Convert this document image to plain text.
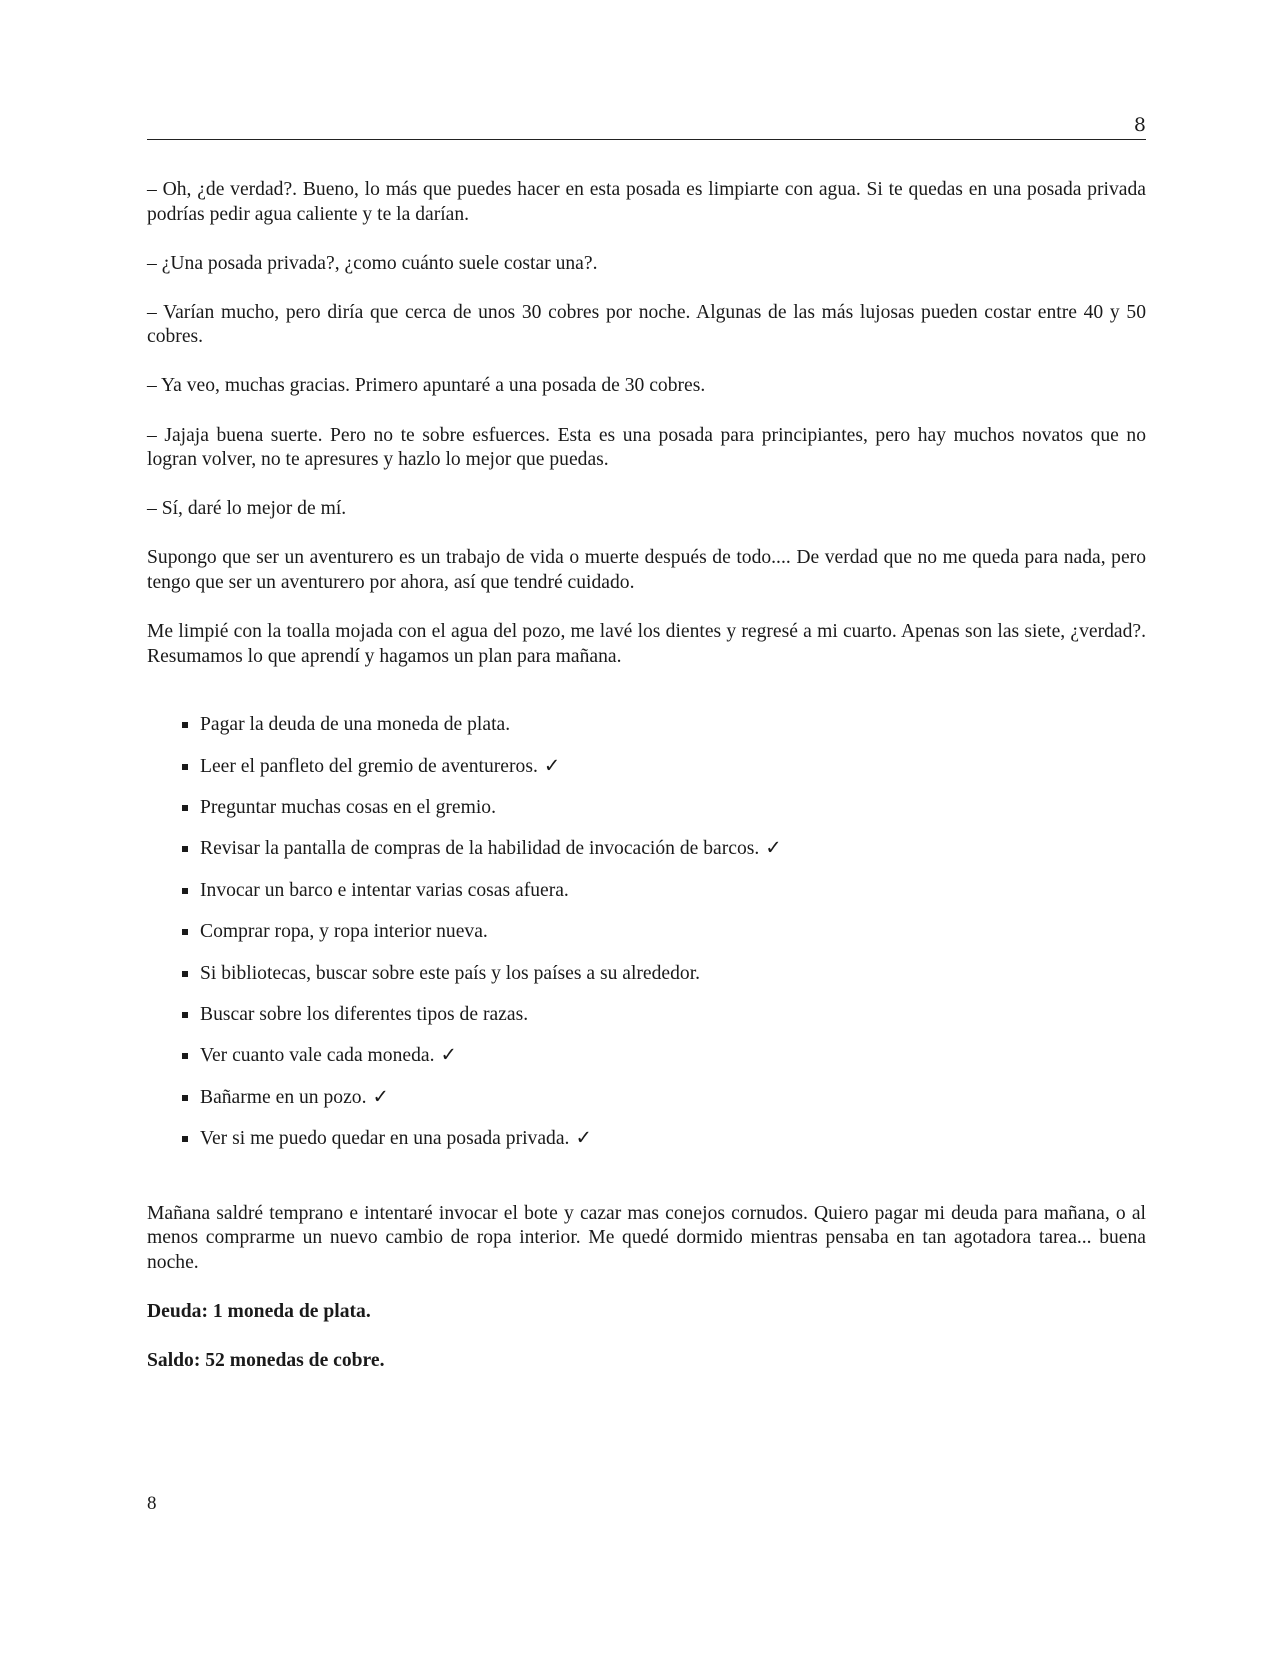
8

– Oh, ¿de verdad?. Bueno, lo más que puedes hacer en esta posada es limpiarte con agua. Si te quedas en una posada privada podrías pedir agua caliente y te la darían.

– ¿Una posada privada?, ¿como cuánto suele costar una?.

– Varían mucho, pero diría que cerca de unos 30 cobres por noche. Algunas de las más lujosas pueden costar entre 40 y 50 cobres.

– Ya veo, muchas gracias. Primero apuntaré a una posada de 30 cobres.

– Jajaja buena suerte. Pero no te sobre esfuerces. Esta es una posada para principiantes, pero hay muchos novatos que no logran volver, no te apresures y hazlo lo mejor que puedas.

– Sí, daré lo mejor de mí.

Supongo que ser un aventurero es un trabajo de vida o muerte después de todo.... De verdad que no me queda para nada, pero tengo que ser un aventurero por ahora, así que tendré cuidado.

Me limpié con la toalla mojada con el agua del pozo, me lavé los dientes y regresé a mi cuarto. Apenas son las siete, ¿verdad?. Resumamos lo que aprendí y hagamos un plan para mañana.

Pagar la deuda de una moneda de plata.
Leer el panfleto del gremio de aventureros. ✓
Preguntar muchas cosas en el gremio.
Revisar la pantalla de compras de la habilidad de invocación de barcos. ✓
Invocar un barco e intentar varias cosas afuera.
Comprar ropa, y ropa interior nueva.
Si bibliotecas, buscar sobre este país y los países a su alrededor.
Buscar sobre los diferentes tipos de razas.
Ver cuanto vale cada moneda. ✓
Bañarme en un pozo. ✓
Ver si me puedo quedar en una posada privada. ✓

Mañana saldré temprano e intentaré invocar el bote y cazar mas conejos cornudos. Quiero pagar mi deuda para mañana, o al menos comprarme un nuevo cambio de ropa interior. Me quedé dormido mientras pensaba en tan agotadora tarea... buena noche.

Deuda: 1 moneda de plata.

Saldo: 52 monedas de cobre.

8
